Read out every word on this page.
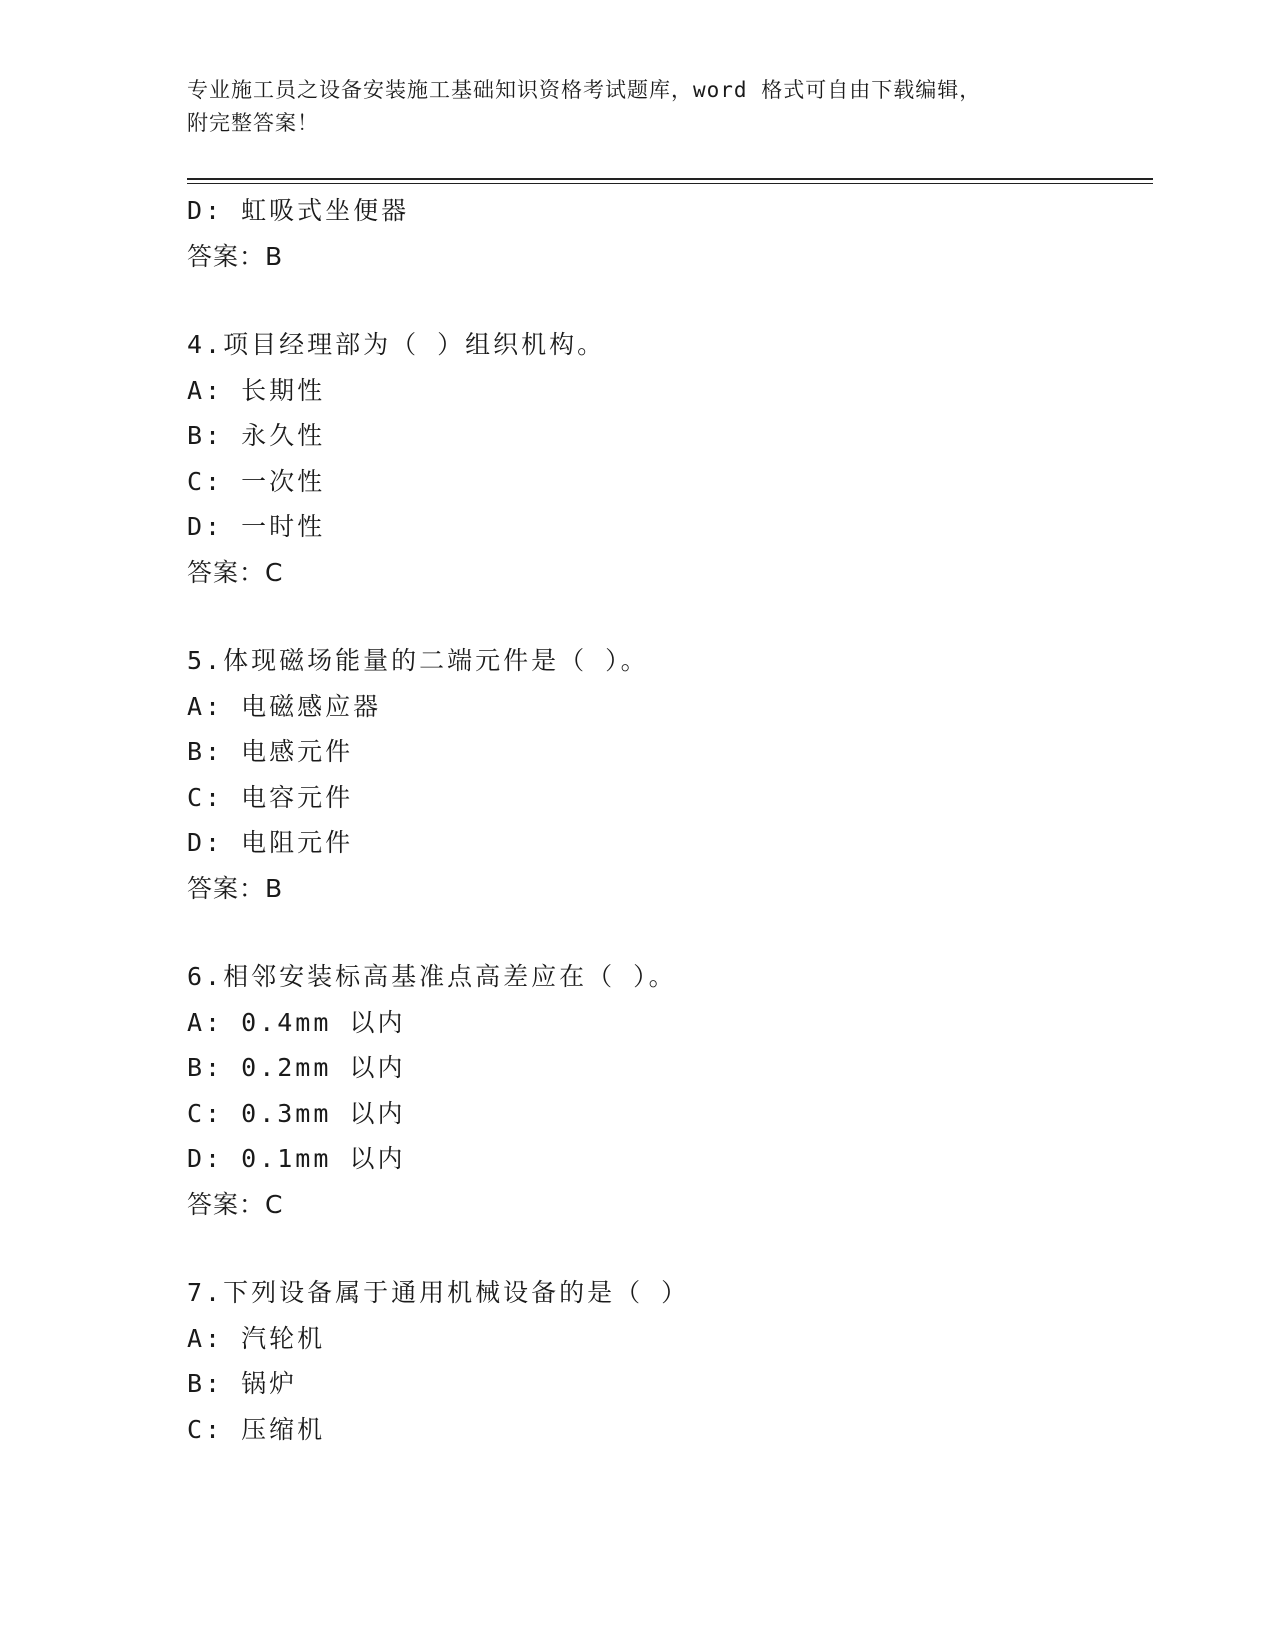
专业施工员之设备安装施工基础知识资格考试题库，word 格式可自由下载编辑，
附完整答案！
D: 虹吸式坐便器
答案：B
4.项目经理部为（ ）组织机构。
A: 长期性
B: 永久性
C: 一次性
D: 一时性
答案：C
5.体现磁场能量的二端元件是（ ）。
A: 电磁感应器
B: 电感元件
C: 电容元件
D: 电阻元件
答案：B
6.相邻安装标高基准点高差应在（ ）。
A: 0.4mm 以内
B: 0.2mm 以内
C: 0.3mm 以内
D: 0.1mm 以内
答案：C
7.下列设备属于通用机械设备的是（ ）
A: 汽轮机
B: 锅炉
C: 压缩机
